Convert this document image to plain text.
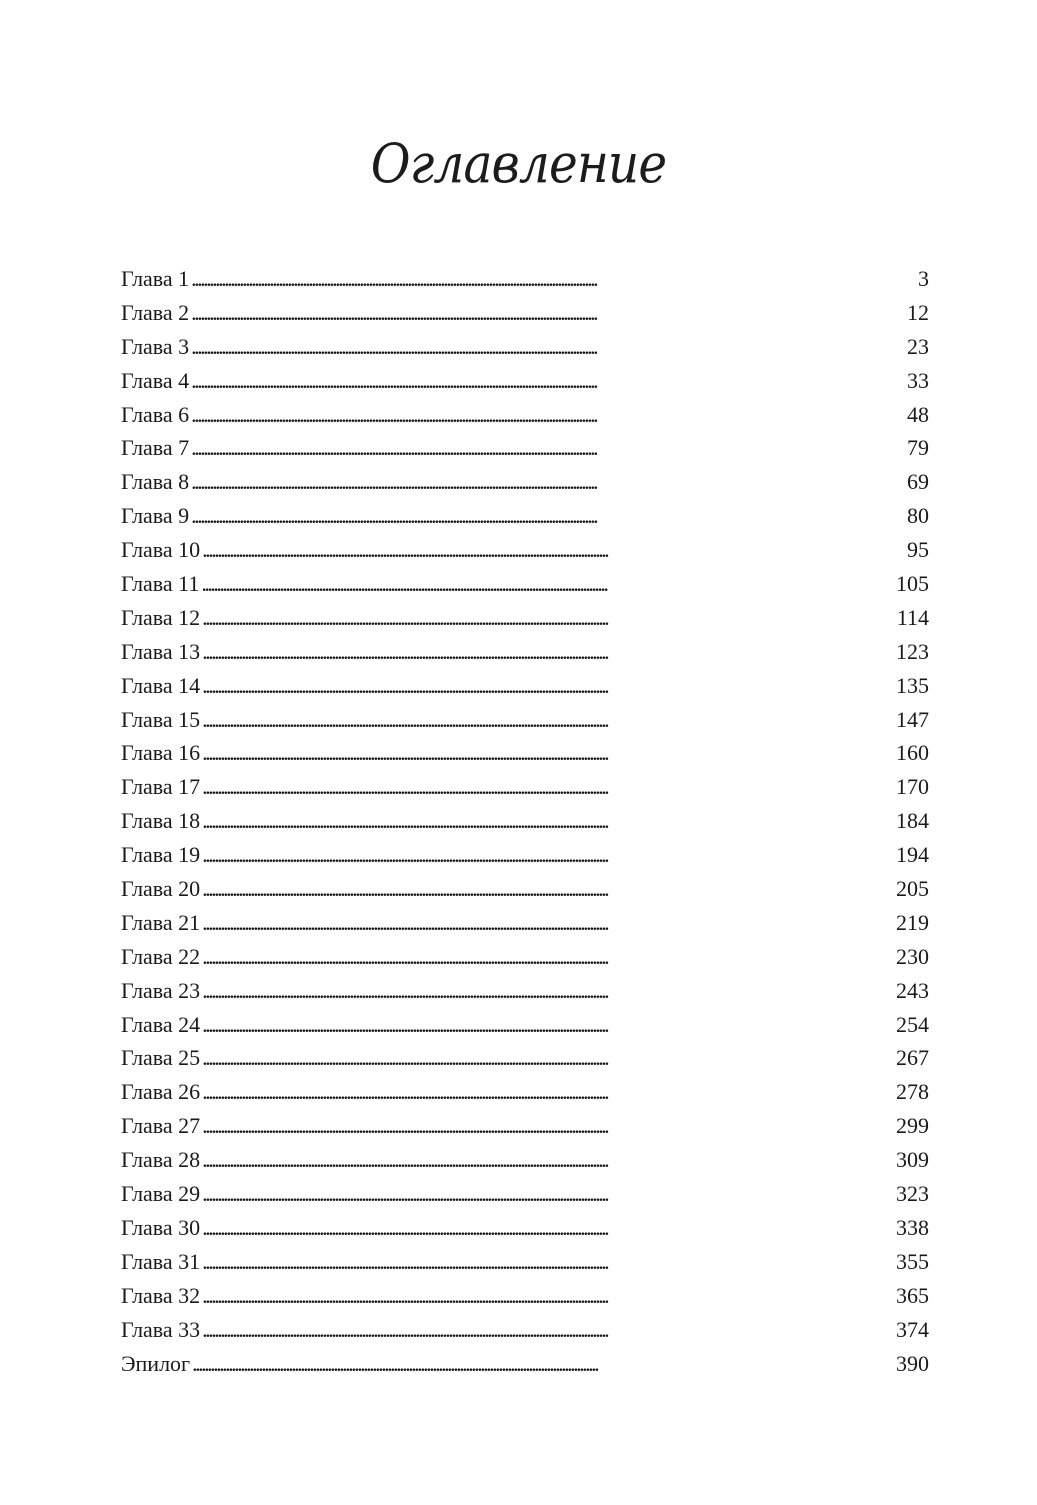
Оглавление
Глава 1 . . .	3
Глава 2 . . .	12
Глава 3 . . .	23
Глава 4 . . .	33
Глава 6 . . .	48
Глава 7 . . .	79
Глава 8 . . .	69
Глава 9 . . .	80
Глава 10 . . .	95
Глава 11 . . .	105
Глава 12 . . .	114
Глава 13 . . .	123
Глава 14 . . .	135
Глава 15 . . .	147
Глава 16 . . .	160
Глава 17 . . .	170
Глава 18 . . .	184
Глава 19 . . .	194
Глава 20 . . .	205
Глава 21 . . .	219
Глава 22 . . .	230
Глава 23 . . .	243
Глава 24 . . .	254
Глава 25 . . .	267
Глава 26 . . .	278
Глава 27 . . .	299
Глава 28 . . .	309
Глава 29 . . .	323
Глава 30 . . .	338
Глава 31 . . .	355
Глава 32 . . .	365
Глава 33 . . .	374
Эпилог . . .	390
